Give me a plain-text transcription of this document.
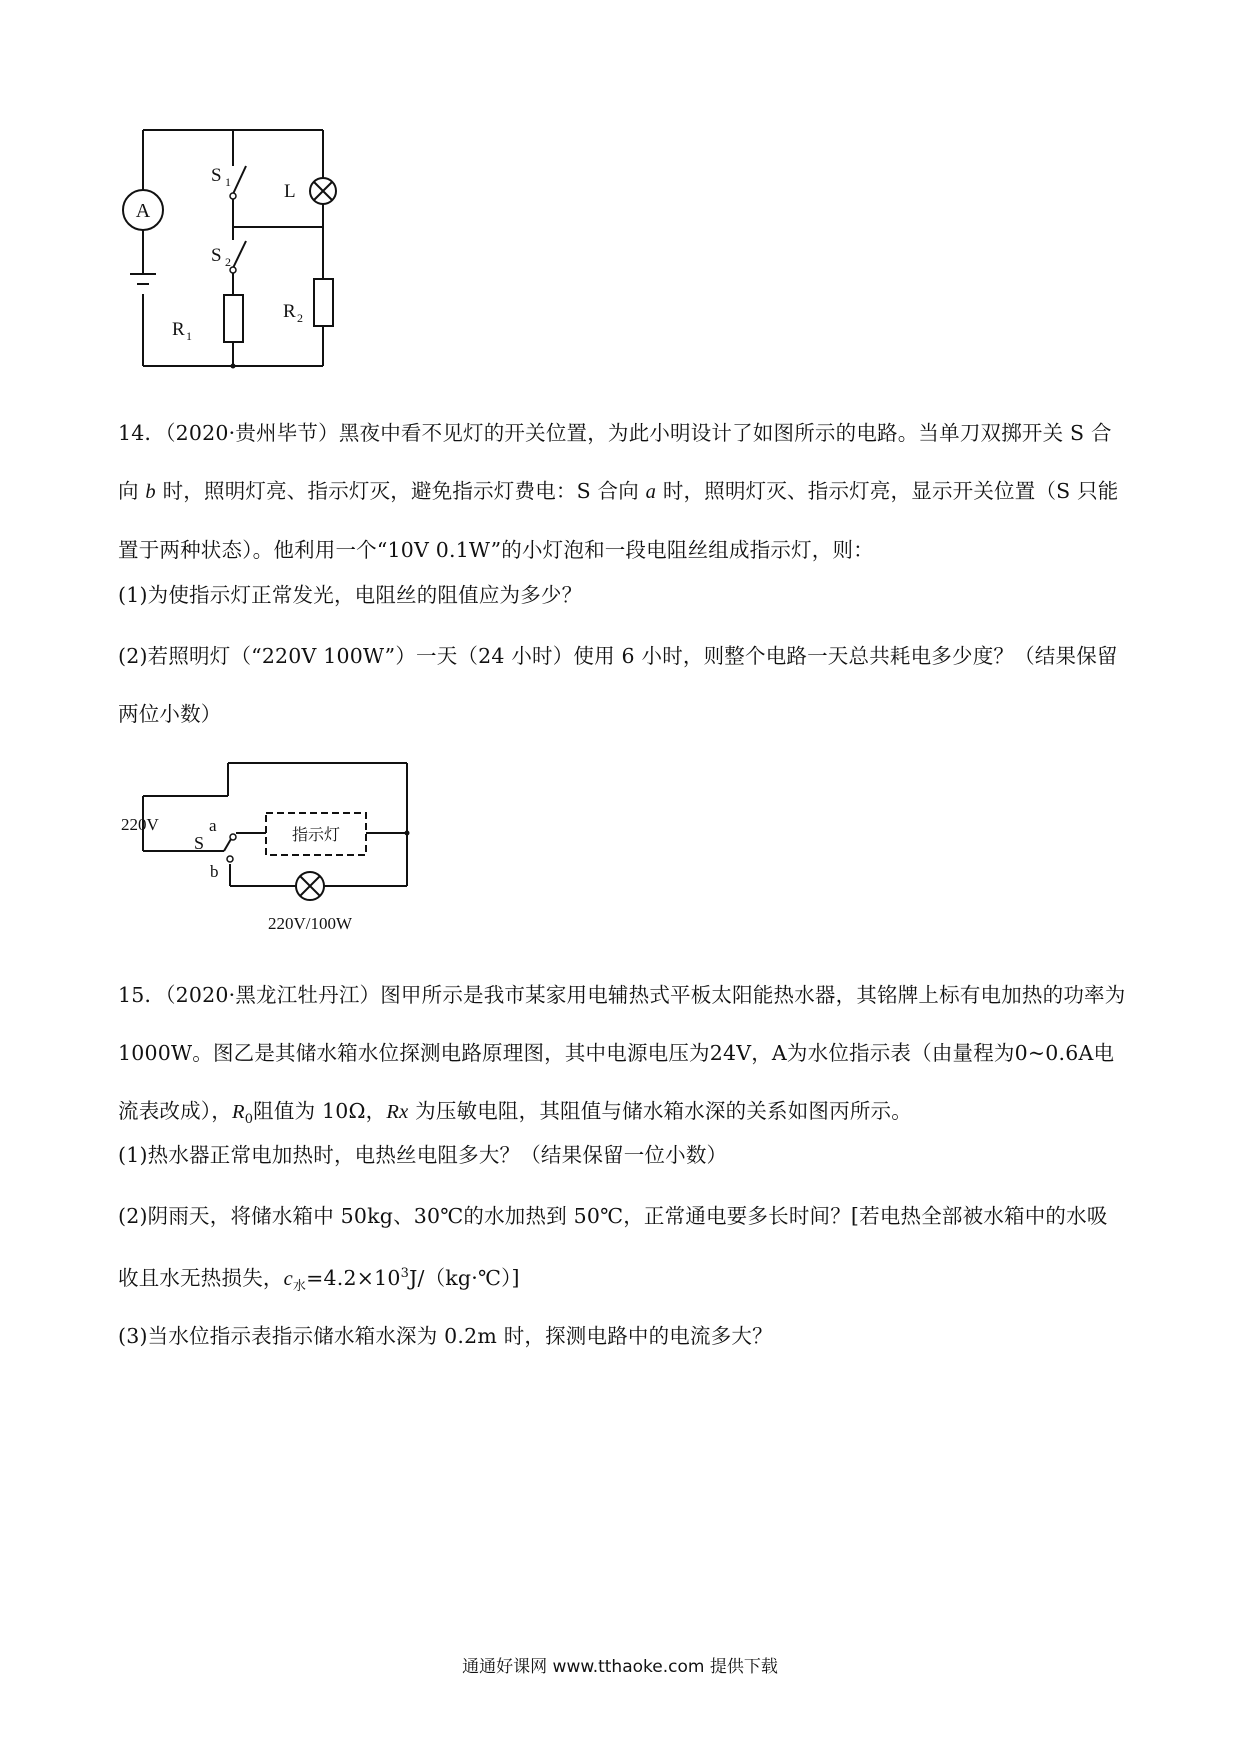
A
S 1
S 2
L
R 1
R 2
14．（2020·贵州毕节）黑夜中看不见灯的开关位置，为此小明设计了如图所示的电路。当单刀双掷开关 S 合向 b 时，照明灯亮、指示灯灭，避免指示灯费电：S 合向 a 时，照明灯灭、指示灯亮，显示开关位置（S 只能置于两种状态）。他利用一个“10V 0.1W”的小灯泡和一段电阻丝组成指示灯，则：
(1)为使指示灯正常发光，电阻丝的阻值应为多少？
(2)若照明灯（“220V 100W”）一天（24 小时）使用 6 小时，则整个电路一天总共耗电多少度？（结果保留两位小数）
220V
S
a
b
指示灯
220V/100W
15．（2020·黑龙江牡丹江）图甲所示是我市某家用电辅热式平板太阳能热水器，其铭牌上标有电加热的功率为1000W。图乙是其储水箱水位探测电路原理图，其中电源电压为24V，A为水位指示表（由量程为0~0.6A电流表改成），$R_0$阻值为 10Ω，Rx 为压敏电阻，其阻值与储水箱水深的关系如图丙所示。
(1)热水器正常电加热时，电热丝电阻多大？（结果保留一位小数）
(2)阴雨天，将储水箱中 50kg、30℃的水加热到 50℃，正常通电要多长时间？[若电热全部被水箱中的水吸收且水无热损失，$c_水=4.2\times 10^3J/(kg\cdot℃)$]
(3)当水位指示表指示储水箱水深为 0.2m 时，探测电路中的电流多大？
通通好课网 www.tthaoke.com 提供下载
